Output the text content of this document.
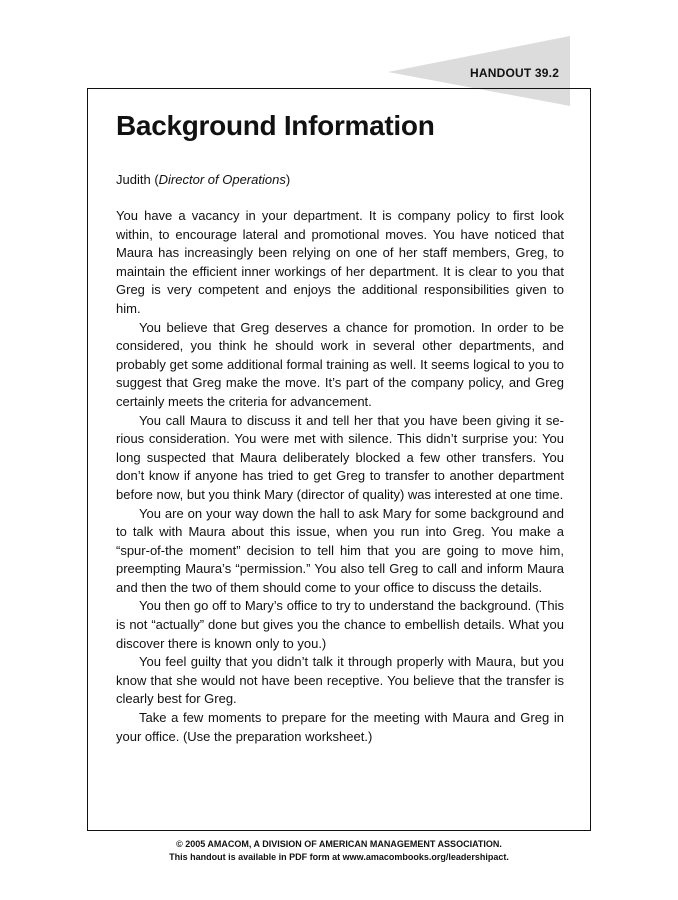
HANDOUT 39.2
Background Information
Judith (Director of Operations)

You have a vacancy in your department. It is company policy to first look within, to encourage lateral and promotional moves. You have noticed that Maura has increasingly been relying on one of her staff members, Greg, to maintain the efficient inner workings of her department. It is clear to you that Greg is very competent and enjoys the additional responsibilities given to him.

You believe that Greg deserves a chance for promotion. In order to be considered, you think he should work in several other departments, and probably get some additional formal training as well. It seems logical to you to suggest that Greg make the move. It’s part of the company policy, and Greg certainly meets the criteria for advancement.

You call Maura to discuss it and tell her that you have been giving it serious consideration. You were met with silence. This didn’t surprise you: You long suspected that Maura deliberately blocked a few other transfers. You don’t know if anyone has tried to get Greg to transfer to another department before now, but you think Mary (director of quality) was interested at one time.

You are on your way down the hall to ask Mary for some background and to talk with Maura about this issue, when you run into Greg. You make a “spur-of-the moment” decision to tell him that you are going to move him, preempting Maura’s “permission.” You also tell Greg to call and inform Maura and then the two of them should come to your office to discuss the details.

You then go off to Mary’s office to try to understand the background. (This is not “actually” done but gives you the chance to embellish details. What you discover there is known only to you.)

You feel guilty that you didn’t talk it through properly with Maura, but you know that she would not have been receptive. You believe that the transfer is clearly best for Greg.

Take a few moments to prepare for the meeting with Maura and Greg in your office. (Use the preparation worksheet.)

© 2005 AMACOM, A DIVISION OF AMERICAN MANAGEMENT ASSOCIATION.
This handout is available in PDF form at www.amacombooks.org/leadershipact.
